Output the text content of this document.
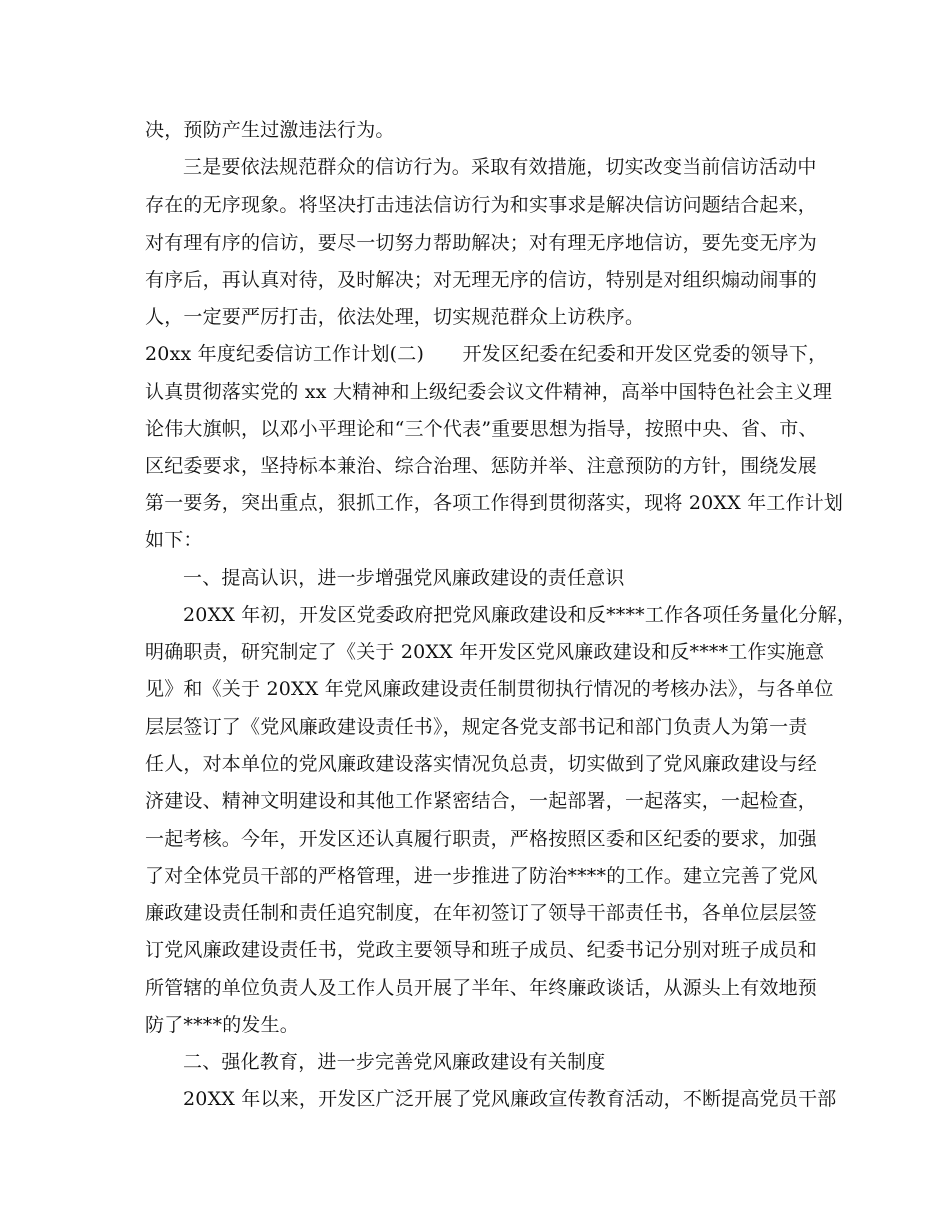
决，预防产生过激违法行为。
三是要依法规范群众的信访行为。采取有效措施，切实改变当前信访活动中
存在的无序现象。将坚决打击违法信访行为和实事求是解决信访问题结合起来，
对有理有序的信访，要尽一切努力帮助解决；对有理无序地信访，要先变无序为
有序后，再认真对待，及时解决；对无理无序的信访，特别是对组织煽动闹事的
人，一定要严厉打击，依法处理，切实规范群众上访秩序。
20xx 年度纪委信访工作计划(二)　　开发区纪委在纪委和开发区党委的领导下，
认真贯彻落实党的 xx 大精神和上级纪委会议文件精神，高举中国特色社会主义理
论伟大旗帜，以邓小平理论和“三个代表”重要思想为指导，按照中央、省、市、
区纪委要求，坚持标本兼治、综合治理、惩防并举、注意预防的方针，围绕发展
第一要务，突出重点，狠抓工作，各项工作得到贯彻落实，现将 20XX 年工作计划
如下：
一、提高认识，进一步增强党风廉政建设的责任意识
20XX 年初，开发区党委政府把党风廉政建设和反****工作各项任务量化分解，
明确职责，研究制定了《关于 20XX 年开发区党风廉政建设和反****工作实施意
见》和《关于 20XX 年党风廉政建设责任制贯彻执行情况的考核办法》，与各单位
层层签订了《党风廉政建设责任书》，规定各党支部书记和部门负责人为第一责
任人，对本单位的党风廉政建设落实情况负总责，切实做到了党风廉政建设与经
济建设、精神文明建设和其他工作紧密结合，一起部署，一起落实，一起检查，
一起考核。今年，开发区还认真履行职责，严格按照区委和区纪委的要求，加强
了对全体党员干部的严格管理，进一步推进了防治****的工作。建立完善了党风
廉政建设责任制和责任追究制度，在年初签订了领导干部责任书，各单位层层签
订党风廉政建设责任书，党政主要领导和班子成员、纪委书记分别对班子成员和
所管辖的单位负责人及工作人员开展了半年、年终廉政谈话，从源头上有效地预
防了****的发生。
二、强化教育，进一步完善党风廉政建设有关制度
20XX 年以来，开发区广泛开展了党风廉政宣传教育活动，不断提高党员干部
